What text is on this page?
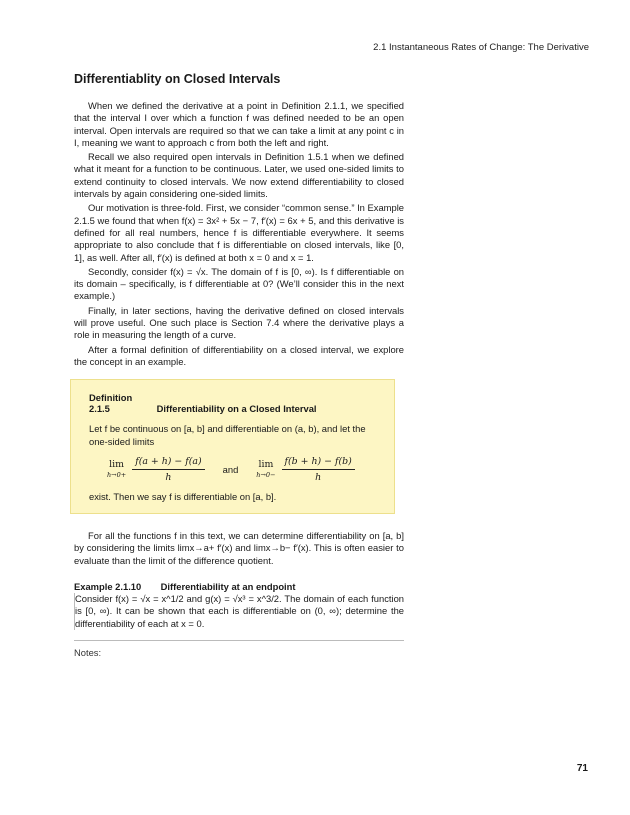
2.1 Instantaneous Rates of Change: The Derivative
Differentiablity on Closed Intervals

When we defined the derivative at a point in Definition 2.1.1, we specified that the interval I over which a function f was defined needed to be an open interval. Open intervals are required so that we can take a limit at any point c in I, meaning we want to approach c from both the left and right.

Recall we also required open intervals in Definition 1.5.1 when we defined what it meant for a function to be continuous. Later, we used one-sided limits to extend continuity to closed intervals. We now extend differentiability to closed intervals by again considering one-sided limits.

Our motivation is three-fold. First, we consider “common sense.” In Example 2.1.5 we found that when f(x) = 3x² + 5x − 7, f′(x) = 6x + 5, and this derivative is defined for all real numbers, hence f is differentiable everywhere. It seems appropriate to also conclude that f is differentiable on closed intervals, like [0, 1], as well. After all, f′(x) is defined at both x = 0 and x = 1.

Secondly, consider f(x) = √x. The domain of f is [0, ∞). Is f differentiable on its domain – specifically, is f differentiable at 0? (We’ll consider this in the next example.)

Finally, in later sections, having the derivative defined on closed intervals will prove useful. One such place is Section 7.4 where the derivative plays a role in measuring the length of a curve.

After a formal definition of differentiability on a closed interval, we explore the concept in an example.

Definition 2.1.5	Differentiability on a Closed Interval
Let f be continuous on [a, b] and differentiable on (a, b), and let the one-sided limits
lim
$h\to 0+ \frac{f(a + h) - f(a)}{h}$ and lim
$h\to 0- \frac{f(b + h) - f(b)}{h}$
exist. Then we say f is differentiable on [a, b].

For all the functions f in this text, we can determine differentiability on [a, b] by considering the limits limx→a+ f′(x) and limx→b− f′(x). This is often easier to evaluate than the limit of the difference quotient.

Example 2.1.10 Differentiability at an endpoint
Consider f(x) = √x = x^1/2 and g(x) = √x³ = x^3/2. The domain of each function is [0, ∞). It can be shown that each is differentiable on (0, ∞); determine the differentiability of each at x = 0.
Notes:
71
